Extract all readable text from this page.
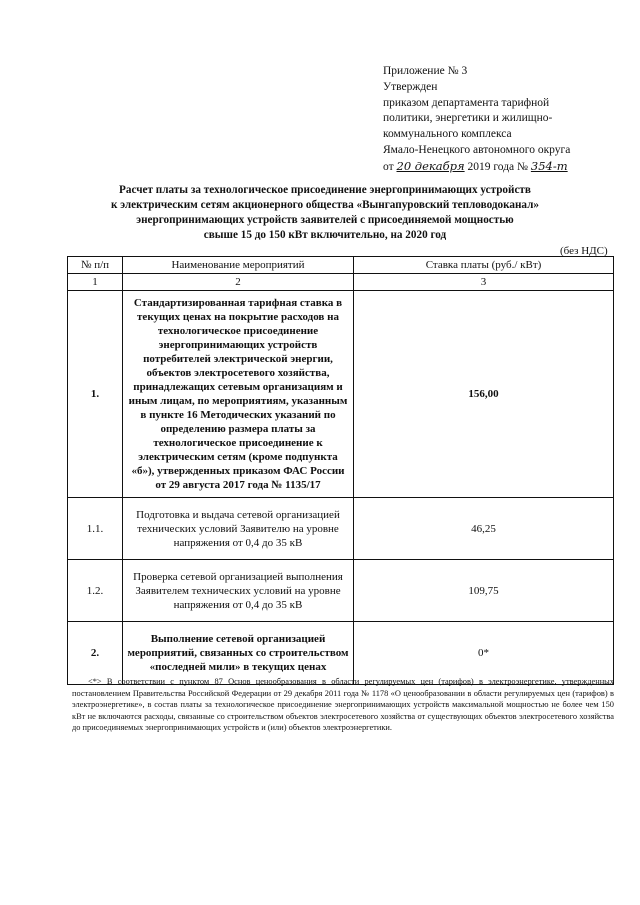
Приложение № 3
Утвержден
приказом департамента тарифной
политики, энергетики и жилищно-
коммунального комплекса
Ямало-Ненецкого автономного округа
от 20 декабря 2019 года № 354-т
Расчет платы за технологическое присоединение энергопринимающих устройств
к электрическим сетям акционерного общества «Вынгапуровский тепловодоканал»
энергопринимающих устройств заявителей с присоединяемой мощностью
свыше 15 до 150 кВт включительно, на 2020 год
(без НДС)
№ п/п	Наименование мероприятий	Ставка платы (руб./ кВт)
1	2	3
1.	Стандартизированная тарифная ставка в текущих ценах на покрытие расходов на технологическое присоединение энергопринимающих устройств потребителей электрической энергии, объектов электросетевого хозяйства, принадлежащих сетевым организациям и иным лицам, по мероприятиям, указанным в пункте 16 Методических указаний по определению размера платы за технологическое присоединение к электрическим сетям (кроме подпункта «б»), утвержденных приказом ФАС России от 29 августа 2017 года № 1135/17	156,00
1.1.	Подготовка и выдача сетевой организацией технических условий Заявителю на уровне напряжения от 0,4 до 35 кВ	46,25
1.2.	Проверка сетевой организацией выполнения Заявителем технических условий на уровне напряжения от 0,4 до 35 кВ	109,75
2.	Выполнение сетевой организацией мероприятий, связанных со строительством «последней мили» в текущих ценах	0*

<*> В соответствии с пунктом 87 Основ ценообразования в области регулируемых цен (тарифов) в электроэнергетике, утвержденных постановлением Правительства Российской Федерации от 29 декабря 2011 года № 1178 «О ценообразовании в области регулируемых цен (тарифов) в электроэнергетике», в состав платы за технологическое присоединение энергопринимающих устройств максимальной мощностью не более чем 150 кВт не включаются расходы, связанные со строительством объектов электросетевого хозяйства от существующих объектов электросетевого хозяйства до присоединяемых энергопринимающих устройств и (или) объектов электроэнергетики.
